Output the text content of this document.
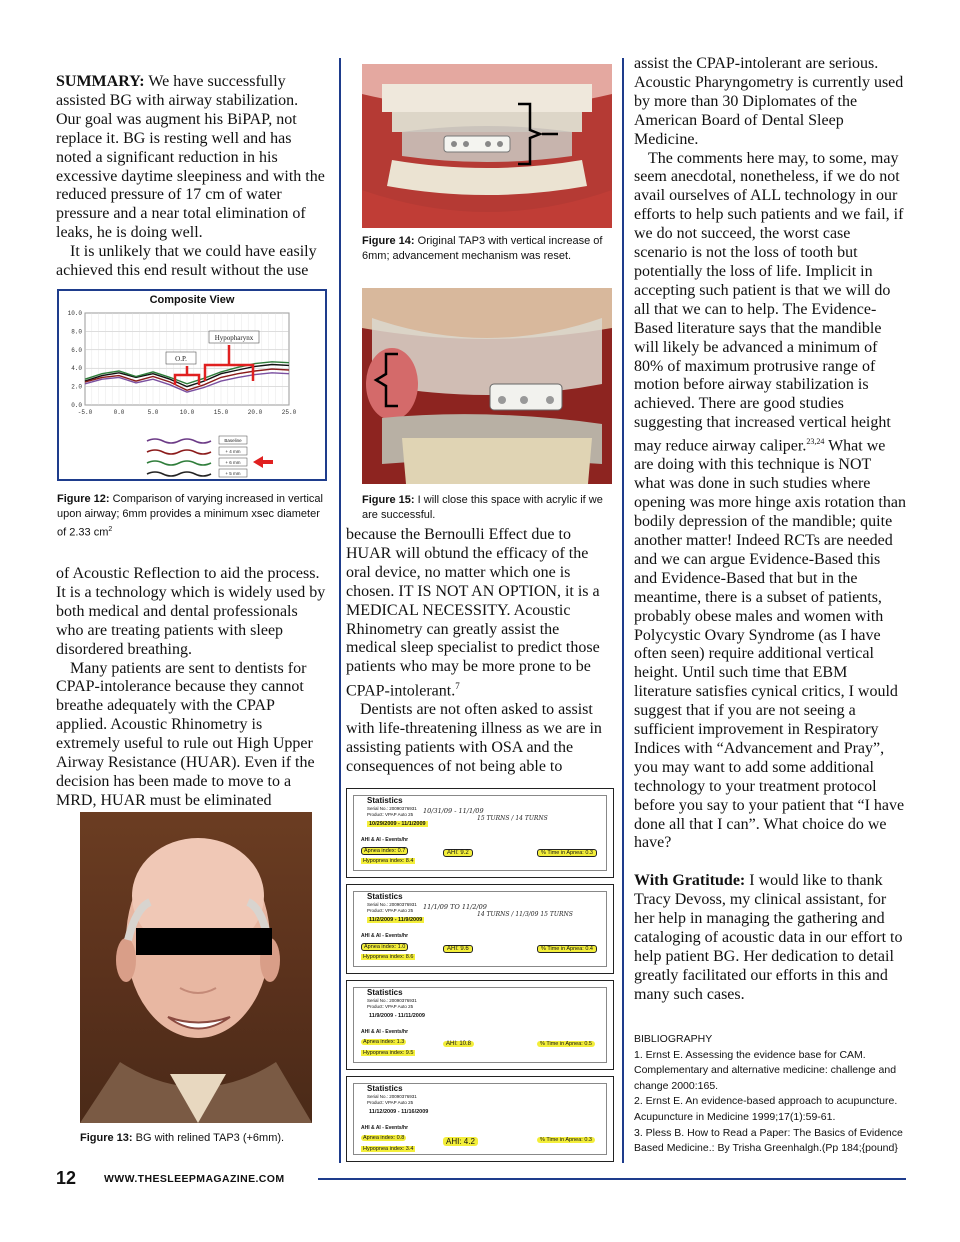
SUMMARY: We have successfully assisted BG with airway stabilization. Our goal was augment his BiPAP, not replace it. BG is resting well and has noted a significant reduction in his excessive daytime sleepiness and with the reduced pressure of 17 cm of water pressure and a near total elimination of leaks, he is doing well.

It is unlikely that we could have easily achieved this end result without the use

Composite View
0.0
2.0
4.0
6.0
8.0
10.0
-5.0	0.0	5.0	10.0	15.0	20.0	25.0
Hypopharynx
O.P.
Baseline
+ 4 mm
+ 6 mm
+ 5 mm
Figure 12: Comparison of varying increased in vertical upon airway; 6mm provides a minimum xsec diameter of 2.33 $cm^2$

of Acoustic Reflection to aid the process. It is a technology which is widely used by both medical and dental professionals who are treating patients with sleep disordered breathing.

Many patients are sent to dentists for CPAP-intolerance because they cannot breathe adequately with the CPAP applied. Acoustic Rhinometry is extremely useful to rule out High Upper Airway Resistance (HUAR). Even if the decision has been made to move to a MRD, HUAR must be eliminated

Figure 13: BG with relined TAP3 (+6mm).
Figure 14: Original TAP3 with vertical increase of 6mm; advancement mechanism was reset.
Figure 15: I will close this space with acrylic if we are successful.

because the Bernoulli Effect due to HUAR will obtund the efficacy of the oral device, no matter which one is chosen. IT IS NOT AN OPTION, it is a MEDICAL NECESSITY. Acoustic Rhinometry can greatly assist the medical sleep specialist to predict those patients who may be more prone to be CPAP-intolerant.$^7$

Dentists are not often asked to assist with life-threatening illness as we are in assisting patients with OSA and the consequences of not being able to

Statistics
Serial No.: 20090376931
Product: VPAP Auto 25
10/29/2009 - 11/1/2009
10/31/09 - 11/1/09
15 TURNS / 14 TURNS
AHI & AI - Events/hr
Apnea index: 0.7
Hypopnea index: 8.4
AHI: 9.2	% Time in Apnea: 0.3
Statistics
Serial No.: 20090376931
Product: VPAP Auto 25
11/2/2009 - 11/9/2009
11/1/09 TO 11/2/09
14 TURNS / 11/3/09 15 TURNS
AHI & AI - Events/hr
Apnea index: 1.0
Hypopnea index: 8.6
AHI: 9.6	% Time in Apnea: 0.4
Statistics
Serial No.: 20090376931
Product: VPAP Auto 25
11/9/2009 - 11/11/2009
AHI & AI - Events/hr
Apnea index: 1.3
Hypopnea index: 9.5
AHI: 10.8	% Time in Apnea: 0.5
Statistics
Serial No.: 20090376931
Product: VPAP Auto 25
11/12/2009 - 11/16/2009
AHI & AI - Events/hr
Apnea index: 0.8
Hypopnea index: 3.4
AHI: 4.2	% Time in Apnea: 0.3

assist the CPAP-intolerant are serious. Acoustic Pharyngometry is currently used by more than 30 Diplomates of the American Board of Dental Sleep Medicine.

The comments here may, to some, may seem anecdotal, nonetheless, if we do not avail ourselves of ALL technology in our efforts to help such patients and we fail, if we do not succeed, the worst case scenario is not the loss of tooth but potentially the loss of life. Implicit in accepting such patient is that we will do all that we can to help. The Evidence-Based literature says that the mandible will likely be advanced a minimum of 80% of maximum protrusive range of motion before airway stabilization is achieved. There are good studies suggesting that increased vertical height may reduce airway caliper.$^{23,24}$ What we are doing with this technique is NOT what was done in such studies where opening was more hinge axis rotation than bodily depression of the mandible; quite another matter! Indeed RCTs are needed and we can argue Evidence-Based this and Evidence-Based that but in the meantime, there is a subset of patients, probably obese males and women with Polycystic Ovary Syndrome (as I have often seen) require additional vertical height. Until such time that EBM literature satisfies cynical critics, I would suggest that if you are not seeing a sufficient improvement in Respiratory Indices with “Advancement and Pray”, you may want to add some additional technology to your treatment protocol before you say to your patient that “I have done all that I can”. What choice do we have?

With Gratitude: I would like to thank Tracy Devoss, my clinical assistant, for her help in managing the gathering and cataloging of acoustic data in our effort to help patient BG. Her dedication to detail greatly facilitated our efforts in this and many such cases.

BIBLIOGRAPHY
1. Ernst E. Assessing the evidence base for CAM. Complementary and alternative medicine: challenge and change 2000:165.
2. Ernst E. An evidence-based approach to acupuncture. Acupuncture in Medicine 1999;17(1):59-61.
3. Pless B. How to Read a Paper: The Basics of Evidence Based Medicine.: By Trisha Greenhalgh.(Pp 184;{pound}
12	WWW.THESLEEPMAGAZINE.COM
